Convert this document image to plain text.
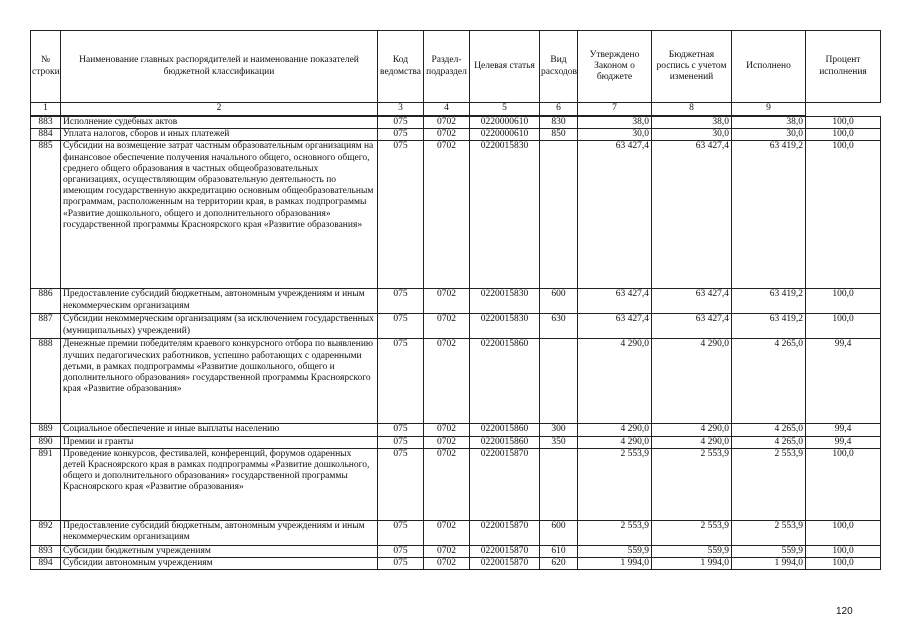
№ строки	Наименование главных распорядителей и наименование показателей бюджетной классификации	Код ведомства	Раздел-подраздел	Целевая статья	Вид расходов	Утверждено Законом о бюджете	Бюджетная роспись с учетом изменений	Исполнено	Процент исполнения
1	2	3	4	5	6	7	8	9	
883	Исполнение судебных актов	075	0702	0220000610	830	38,0	38,0	38,0	100,0
884	Уплата налогов, сборов и иных платежей	075	0702	0220000610	850	30,0	30,0	30,0	100,0
885	Субсидии на возмещение затрат частным образовательным организациям на финансовое обеспечение получения начального общего, основного общего, среднего общего образования в частных общеобразовательных организациях, осуществляющим образовательную деятельность по имеющим государственную аккредитацию основным общеобразовательным программам, расположенным на территории края, в рамках подпрограммы «Развитие дошкольного, общего и дополнительного образования» государственной программы Красноярского края «Развитие образования»	075	0702	0220015830		63 427,4	63 427,4	63 419,2	100,0
886	Предоставление субсидий бюджетным, автономным учреждениям и иным некоммерческим организациям	075	0702	0220015830	600	63 427,4	63 427,4	63 419,2	100,0
887	Субсидии некоммерческим организациям (за исключением государственных (муниципальных) учреждений)	075	0702	0220015830	630	63 427,4	63 427,4	63 419,2	100,0
888	Денежные премии победителям краевого конкурсного отбора по выявлению лучших педагогических работников, успешно работающих с одаренными детьми, в рамках подпрограммы «Развитие дошкольного, общего и дополнительного образования» государственной программы Красноярского края «Развитие образования»	075	0702	0220015860		4 290,0	4 290,0	4 265,0	99,4
889	Социальное обеспечение и иные выплаты населению	075	0702	0220015860	300	4 290,0	4 290,0	4 265,0	99,4
890	Премии и гранты	075	0702	0220015860	350	4 290,0	4 290,0	4 265,0	99,4
891	Проведение конкурсов, фестивалей, конференций, форумов одаренных детей Красноярского края в рамках подпрограммы «Развитие дошкольного, общего и дополнительного образования» государственной программы Красноярского края «Развитие образования»	075	0702	0220015870		2 553,9	2 553,9	2 553,9	100,0
892	Предоставление субсидий бюджетным, автономным учреждениям и иным некоммерческим организациям	075	0702	0220015870	600	2 553,9	2 553,9	2 553,9	100,0
893	Субсидии бюджетным учреждениям	075	0702	0220015870	610	559,9	559,9	559,9	100,0
894	Субсидии автономным учреждениям	075	0702	0220015870	620	1 994,0	1 994,0	1 994,0	100,0
120
